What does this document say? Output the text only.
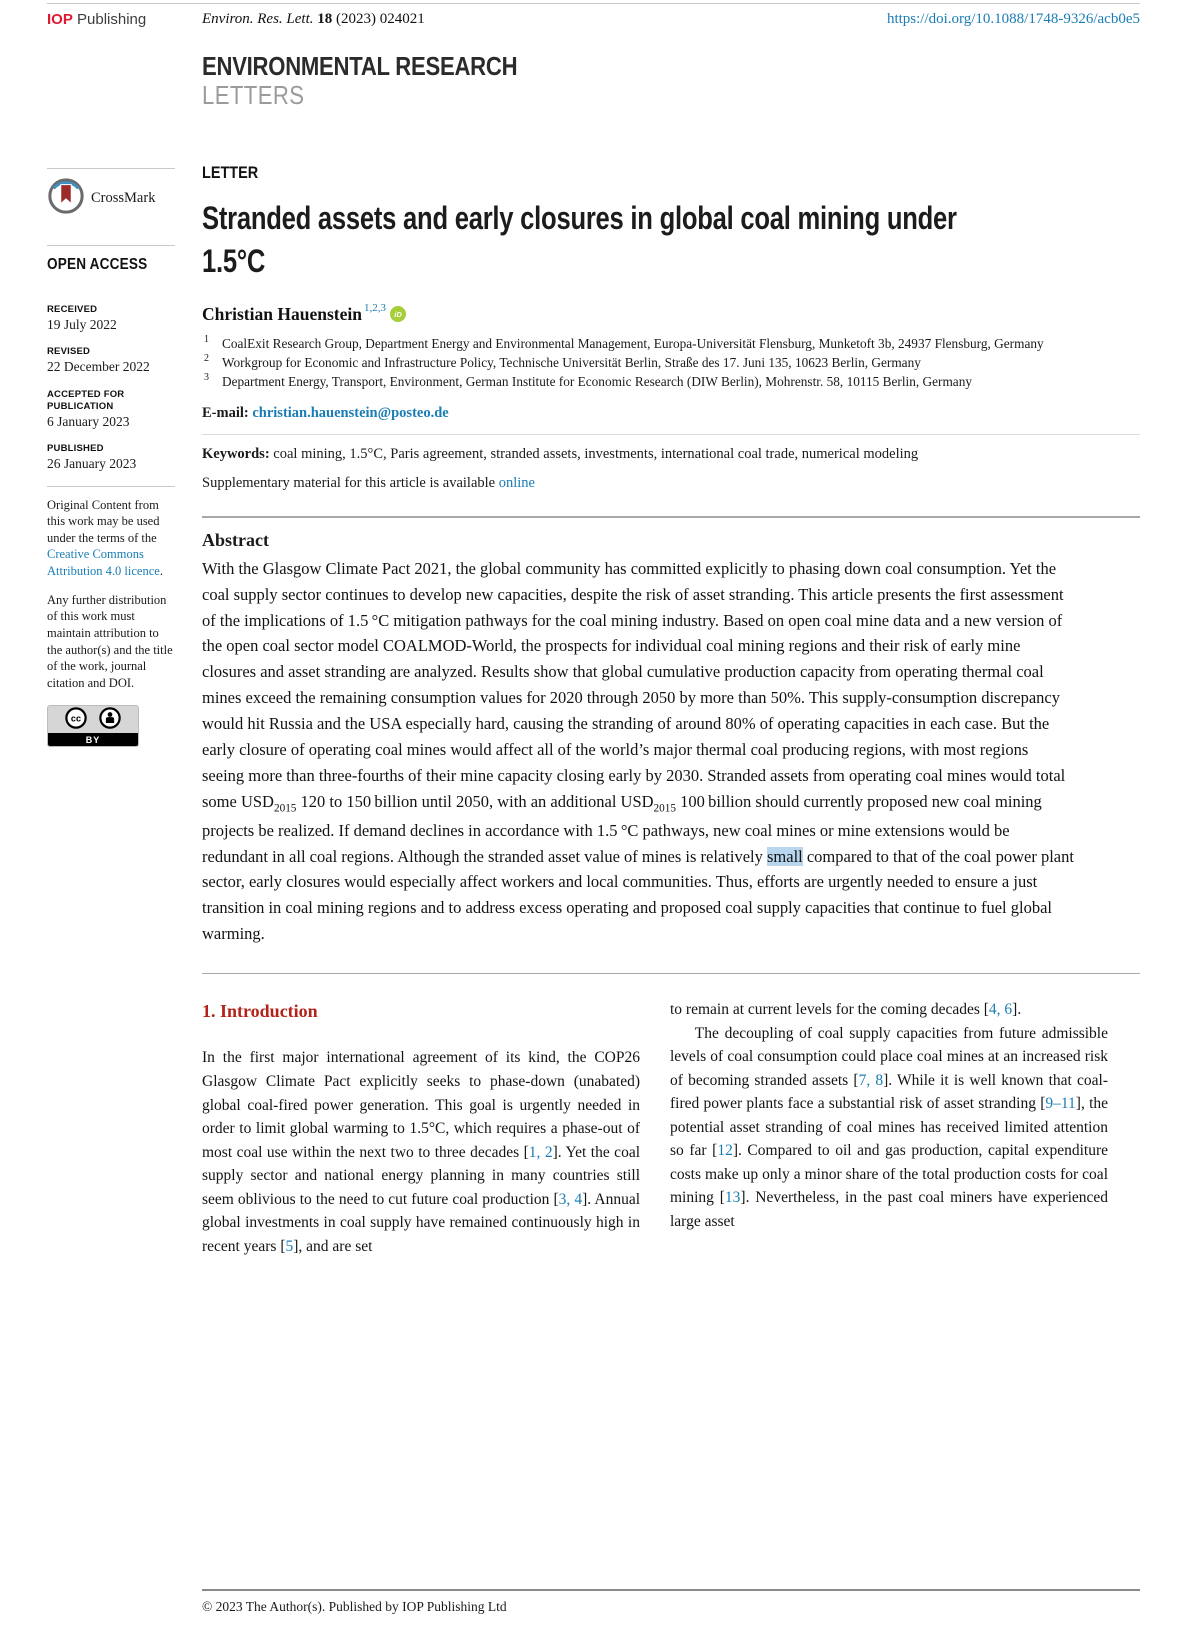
IOP Publishing	Environ. Res. Lett. 18 (2023) 024021	https://doi.org/10.1088/1748-9326/acb0e5
ENVIRONMENTAL RESEARCH
LETTERS
CrossMark
OPEN ACCESS
RECEIVED
19 July 2022
REVISED
22 December 2022
ACCEPTED FOR PUBLICATION
6 January 2023
PUBLISHED
26 January 2023
Original Content from this work may be used under the terms of the Creative Commons Attribution 4.0 licence.
Any further distribution of this work must maintain attribution to the author(s) and the title of the work, journal citation and DOI.
cc
BY
LETTER
Stranded assets and early closures in global coal mining under
1.5°C
Christian Hauenstein 1,2,3
iD
1 CoalExit Research Group, Department Energy and Environmental Management, Europa-Universität Flensburg, Munketoft 3b, 24937 Flensburg, Germany
2 Workgroup for Economic and Infrastructure Policy, Technische Universität Berlin, Straße des 17. Juni 135, 10623 Berlin, Germany
3 Department Energy, Transport, Environment, German Institute for Economic Research (DIW Berlin), Mohrenstr. 58, 10115 Berlin, Germany
E-mail: christian.hauenstein@posteo.de
Keywords: coal mining, 1.5°C, Paris agreement, stranded assets, investments, international coal trade, numerical modeling
Supplementary material for this article is available online
Abstract
With the Glasgow Climate Pact 2021, the global community has committed explicitly to phasing down coal consumption. Yet the coal supply sector continues to develop new capacities, despite the risk of asset stranding. This article presents the first assessment of the implications of 1.5 °C mitigation pathways for the coal mining industry. Based on open coal mine data and a new version of the open coal sector model COALMOD-World, the prospects for individual coal mining regions and their risk of early mine closures and asset stranding are analyzed. Results show that global cumulative production capacity from operating thermal coal mines exceed the remaining consumption values for 2020 through 2050 by more than 50%. This supply-consumption discrepancy would hit Russia and the USA especially hard, causing the stranding of around 80% of operating capacities in each case. But the early closure of operating coal mines would affect all of the world’s major thermal coal producing regions, with most regions seeing more than three-fourths of their mine capacity closing early by 2030. Stranded assets from operating coal mines would total some $USD_{2015}$ 120 to 150 billion until 2050, with an additional $USD_{2015}$ 100 billion should currently proposed new coal mining projects be realized. If demand declines in accordance with 1.5 °C pathways, new coal mines or mine extensions would be redundant in all coal regions. Although the stranded asset value of mines is relatively small compared to that of the coal power plant sector, early closures would especially affect workers and local communities. Thus, efforts are urgently needed to ensure a just transition in coal mining regions and to address excess operating and proposed coal supply capacities that continue to fuel global warming.
1. Introduction

In the first major international agreement of its kind, the COP26 Glasgow Climate Pact explicitly seeks to phase-down (unabated) global coal-fired power generation. This goal is urgently needed in order to limit global warming to 1.5°C, which requires a phase-out of most coal use within the next two to three decades [1, 2]. Yet the coal supply sector and national energy planning in many countries still seem oblivious to the need to cut future coal production [3, 4]. Annual global investments in coal supply have remained continuously high in recent years [5], and are set

to remain at current levels for the coming decades [4, 6].

The decoupling of coal supply capacities from future admissible levels of coal consumption could place coal mines at an increased risk of becoming stranded assets [7, 8]. While it is well known that coal-fired power plants face a substantial risk of asset stranding [9–11], the potential asset stranding of coal mines has received limited attention so far [12]. Compared to oil and gas production, capital expenditure costs make up only a minor share of the total production costs for coal mining [13]. Nevertheless, in the past coal miners have experienced large asset

© 2023 The Author(s). Published by IOP Publishing Ltd
